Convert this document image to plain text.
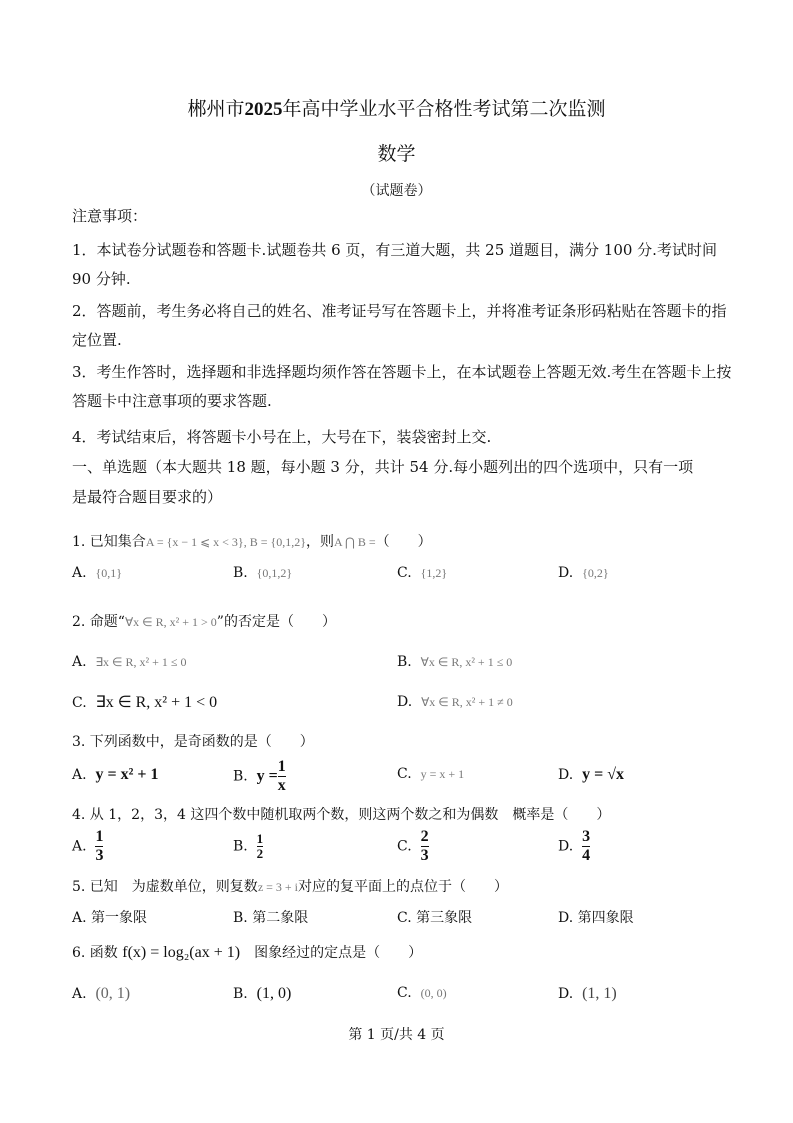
郴州市2025年高中学业水平合格性考试第二次监测
数学
（试题卷）
注意事项：
1．本试卷分试题卷和答题卡.试题卷共 6 页，有三道大题，共 25 道题目，满分 100 分.考试时间 90 分钟.
2．答题前，考生务必将自己的姓名、准考证号写在答题卡上，并将准考证条形码粘贴在答题卡的指定位置.
3．考生作答时，选择题和非选择题均须作答在答题卡上，在本试题卷上答题无效.考生在答题卡上按答题卡中注意事项的要求答题.
4．考试结束后，将答题卡小号在上，大号在下，装袋密封上交.
一、单选题（本大题共 18 题，每小题 3 分，共计 54 分.每小题列出的四个选项中，只有一项
是最符合题目要求的）
1. 已知集合A = {x − 1 ⩽ x < 3}, B = {0,1,2}，则A ⋂ B =（　　）
A. {0,1}	B. {0,1,2}	C. {1,2}	D. {0,2}
2. 命题“∀x ∈ R, x² + 1 > 0”的否定是（　　）
A. ∃x ∈ R, x² + 1 ≤ 0	B. ∀x ∈ R, x² + 1 ≤ 0
C. ∃x ∈ R, x² + 1 < 0	D. ∀x ∈ R, x² + 1 ≠ 0
3. 下列函数中，是奇函数的是（　　）
A. y = x² + 1	B. $y = \frac{1}{x}$	C. y = x + 1	D. y = √x
4. 从 1，2，3，4 这四个数中随机取两个数，则这两个数之和为偶数　概率是（　　）
A. $\frac{1}{3}$	B. $\frac{1}{2}$	C. $\frac{2}{3}$	D. $\frac{3}{4}$
5. 已知　为虚数单位，则复数z = 3 + i对应的复平面上的点位于（　　）
A. 第一象限	B. 第二象限	C. 第三象限	D. 第四象限
6. 函数 f(x) = log₂(ax + 1)　图象经过的定点是（　　）
A. (0, 1)	B. (1, 0)	C. (0, 0)	D. (1, 1)
第 1 页/共 4 页
